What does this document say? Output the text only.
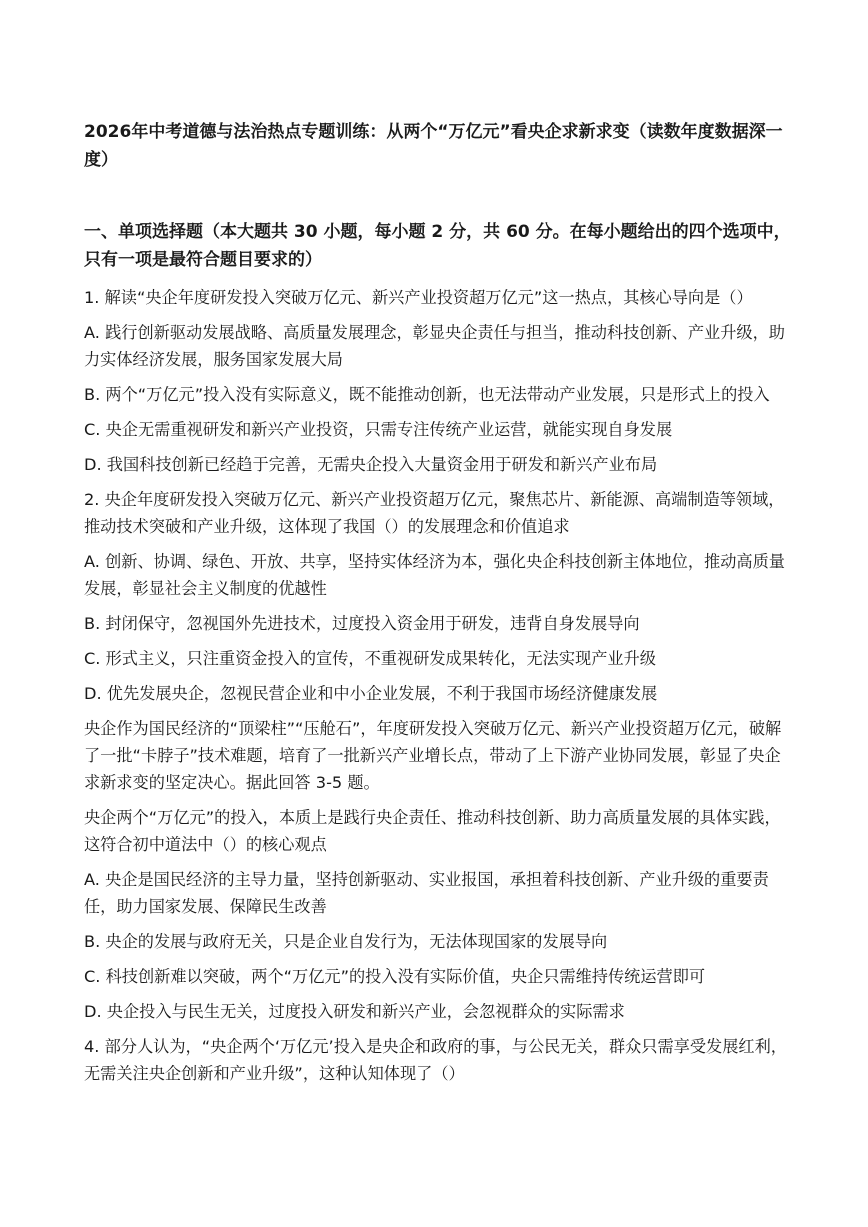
2026年中考道德与法治热点专题训练：从两个“万亿元”看央企求新求变（读数年度数据深一度）
一、单项选择题（本大题共 30 小题，每小题 2 分，共 60 分。在每小题给出的四个选项中，只有一项是最符合题目要求的）

1. 解读“央企年度研发投入突破万亿元、新兴产业投资超万亿元”这一热点，其核心导向是（）

A. 践行创新驱动发展战略、高质量发展理念，彰显央企责任与担当，推动科技创新、产业升级，助力实体经济发展，服务国家发展大局

B. 两个“万亿元”投入没有实际意义，既不能推动创新，也无法带动产业发展，只是形式上的投入

C. 央企无需重视研发和新兴产业投资，只需专注传统产业运营，就能实现自身发展

D. 我国科技创新已经趋于完善，无需央企投入大量资金用于研发和新兴产业布局

2. 央企年度研发投入突破万亿元、新兴产业投资超万亿元，聚焦芯片、新能源、高端制造等领域，推动技术突破和产业升级，这体现了我国（）的发展理念和价值追求

A. 创新、协调、绿色、开放、共享，坚持实体经济为本，强化央企科技创新主体地位，推动高质量发展，彰显社会主义制度的优越性

B. 封闭保守，忽视国外先进技术，过度投入资金用于研发，违背自身发展导向

C. 形式主义，只注重资金投入的宣传，不重视研发成果转化，无法实现产业升级

D. 优先发展央企，忽视民营企业和中小企业发展，不利于我国市场经济健康发展

央企作为国民经济的“顶梁柱”“压舱石”，年度研发投入突破万亿元、新兴产业投资超万亿元，破解了一批“卡脖子”技术难题，培育了一批新兴产业增长点，带动了上下游产业协同发展，彰显了央企求新求变的坚定决心。据此回答 3-5 题。

央企两个“万亿元”的投入，本质上是践行央企责任、推动科技创新、助力高质量发展的具体实践，这符合初中道法中（）的核心观点

A. 央企是国民经济的主导力量，坚持创新驱动、实业报国，承担着科技创新、产业升级的重要责任，助力国家发展、保障民生改善

B. 央企的发展与政府无关，只是企业自发行为，无法体现国家的发展导向

C. 科技创新难以突破，两个“万亿元”的投入没有实际价值，央企只需维持传统运营即可

D. 央企投入与民生无关，过度投入研发和新兴产业，会忽视群众的实际需求

4. 部分人认为，“央企两个‘万亿元’投入是央企和政府的事，与公民无关，群众只需享受发展红利，无需关注央企创新和产业升级”，这种认知体现了（）
